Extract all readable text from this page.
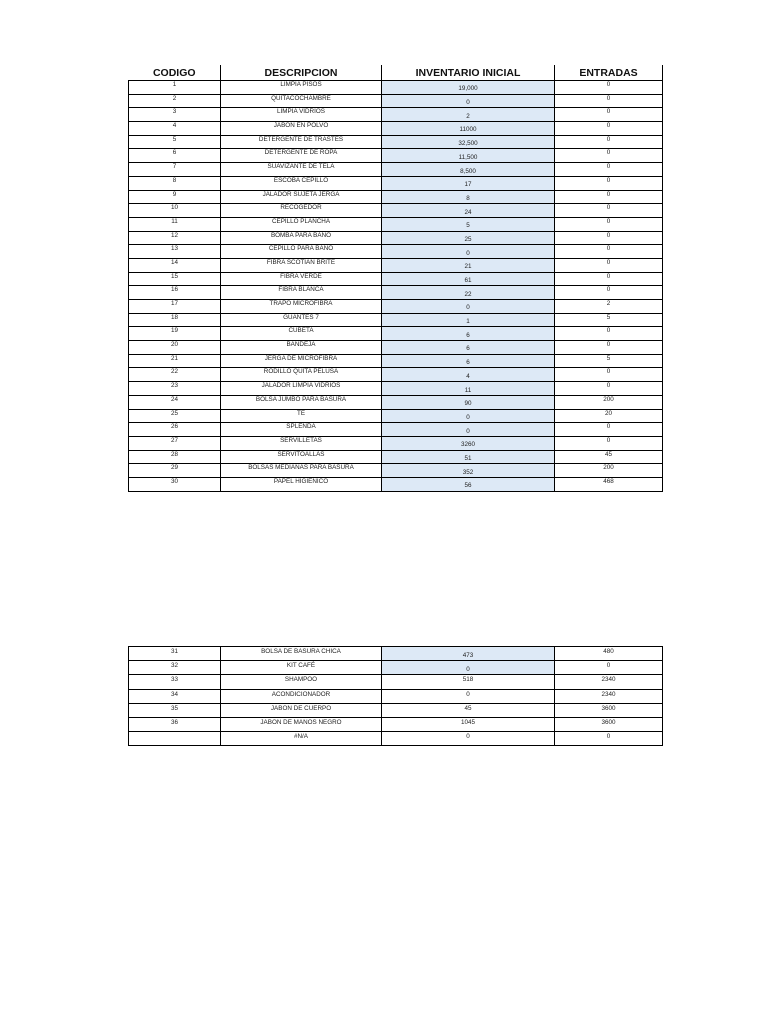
CODIGO	DESCRIPCION	INVENTARIO INICIAL	ENTRADAS
1	LIMPIA PISOS	19,000	0
2	QUITACOCHAMBRE	0	0
3	LIMPIA VIDRIOS	2	0
4	JABON EN POLVO	11000	0
5	DETERGENTE DE TRASTES	32,500	0
6	DETERGENTE DE ROPA	11,500	0
7	SUAVIZANTE DE TELA	8,500	0
8	ESCOBA CEPILLO	17	0
9	JALADOR SUJETA JERGA	8	0
10	RECOGEDOR	24	0
11	CEPILLO PLANCHA	5	0
12	BOMBA PARA BAÑO	25	0
13	CEPILLO PARA BAÑO	0	0
14	FIBRA SCOTIAN BRITE	21	0
15	FIBRA VERDE	61	0
16	FIBRA BLANCA	22	0
17	TRAPO MICROFIBRA	0	2
18	GUANTES 7	1	5
19	CUBETA	6	0
20	BANDEJA	6	0
21	JERGA DE MICROFIBRA	6	5
22	RODILLO QUITA PELUSA	4	0
23	JALADOR LIMPIA VIDRIOS	11	0
24	BOLSA JUMBO PARA BASURA	90	200
25	TE	0	20
26	SPLENDA	0	0
27	SERVILLETAS	3260	0
28	SERVITOALLAS	51	45
29	BOLSAS MEDIANAS PARA BASURA	352	200
30	PAPEL HIGIENICO	56	468
31	BOLSA DE BASURA CHICA	473	480
32	KIT CAFÉ	0	0
33	SHAMPOO	518	2340
34	ACONDICIONADOR	0	2340
35	JABON DE CUERPO	45	3600
36	JABON DE MANOS NEGRO	1045	3600
	#N/A	0	0
